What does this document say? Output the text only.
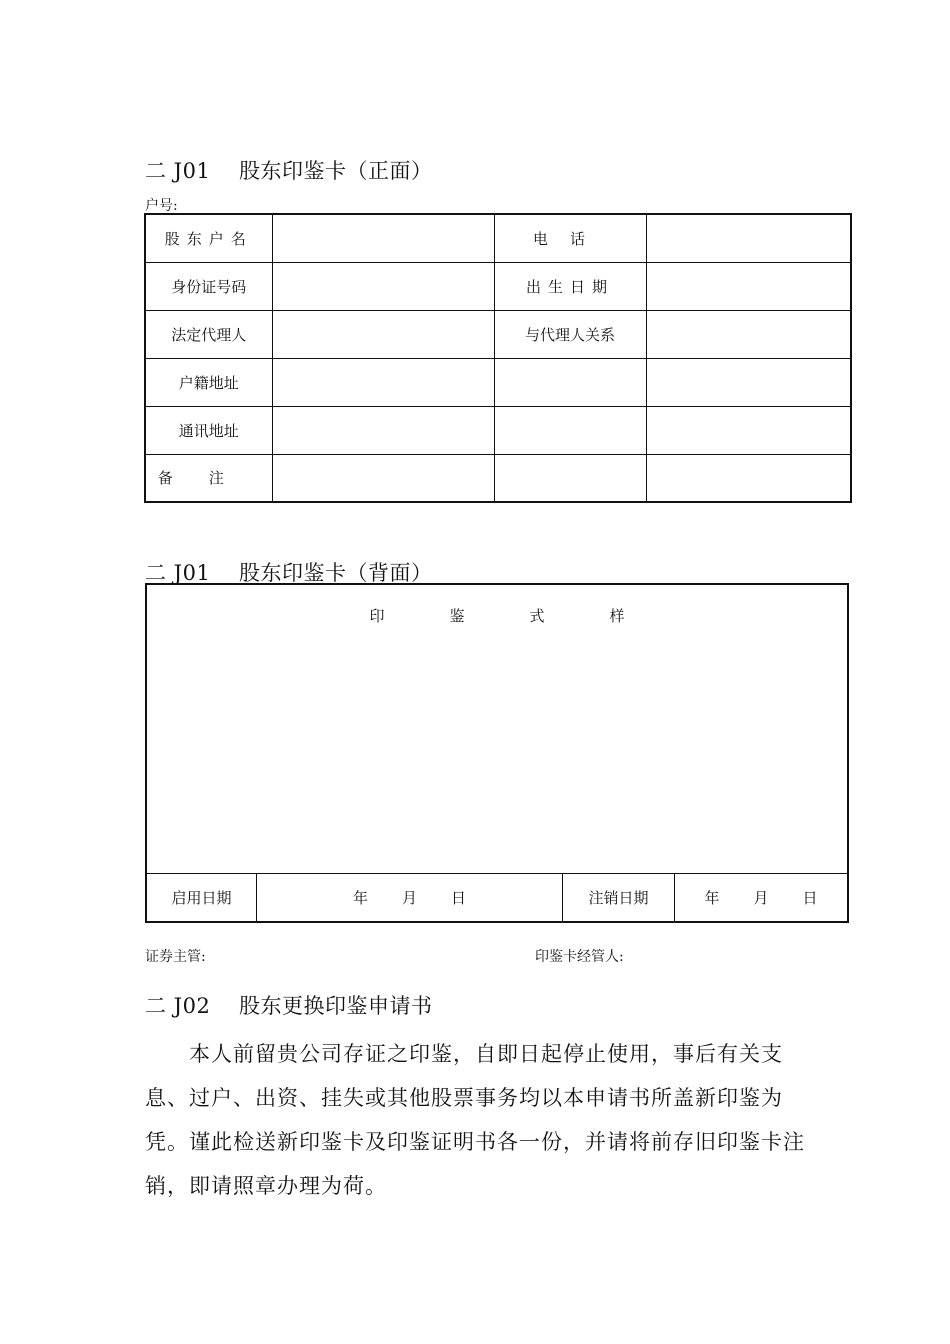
二 J01　 股东印鉴卡（正面）
户号:
股东户名		电话	
身份证号码		出生日期	
法定代理人		与代理人关系	
户籍地址			
通讯地址			
备注			
二 J01　 股东印鉴卡（背面）
印	鉴	式	样
启用日期	年 月 日	注销日期	年 月 日
证券主管:	印鉴卡经管人:
二 J02　 股东更换印鉴申请书
本人前留贵公司存证之印鉴，自即日起停止使用，事后有关支息、过户、出资、挂失或其他股票事务均以本申请书所盖新印鉴为凭。谨此检送新印鉴卡及印鉴证明书各一份，并请将前存旧印鉴卡注销，即请照章办理为荷。
